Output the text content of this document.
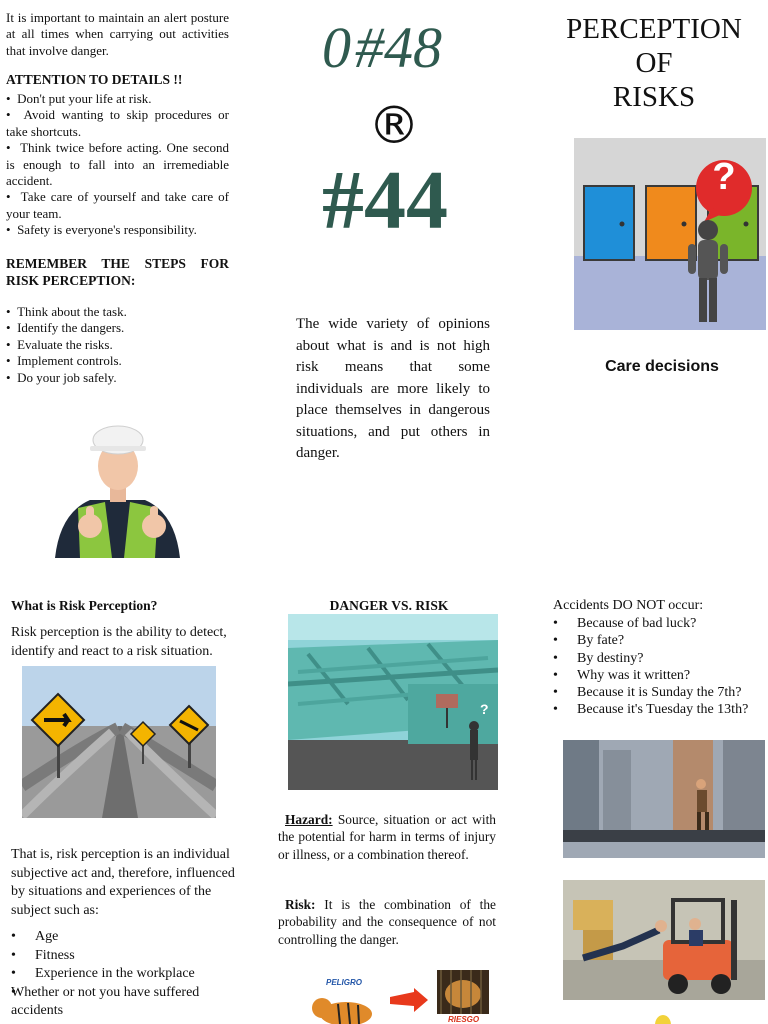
It is important to maintain an alert posture at all times when carrying out activities that involve danger.
ATTENTION TO DETAILS !!
•  Don't put your life at risk.
•  Avoid wanting to skip procedures or take shortcuts.
•  Think twice before acting. One second is enough to fall into an irremediable accident.
•  Take care of yourself and take care of your team.
•  Safety is everyone's responsibility.
REMEMBER THE STEPS FOR RISK PERCEPTION:
•  Think about the task.
•  Identify the dangers.
•  Evaluate the risks.
•  Implement controls.
•  Do your job safely.
0 #48
®
#44
The wide variety of opinions about what is and is not high risk means that some individuals are more likely to place themselves in dangerous situations, and put others in danger.
PERCEPTION
OF
RISKS
?
Care decisions
What is Risk Perception?
Risk perception is the ability to detect, identify and react to a risk situation.
That is, risk perception is an individual subjective act and, therefore, influenced by situations and experiences of the subject such as:
• Age
• Fitness
• Experience in the workplace
• Whether or not you have suffered accidents
DANGER VS. RISK
?
Hazard: Source, situation or act with the potential for harm in terms of injury or illness, or a combination thereof.
Risk: It is the combination of the probability and the consequence of not controlling the danger.
PELIGRO
RIESGO
Accidents DO NOT occur:
• Because of bad luck?
• By fate?
• By destiny?
• Why was it written?
• Because it is Sunday the 7th?
• Because it's Tuesday the 13th?
